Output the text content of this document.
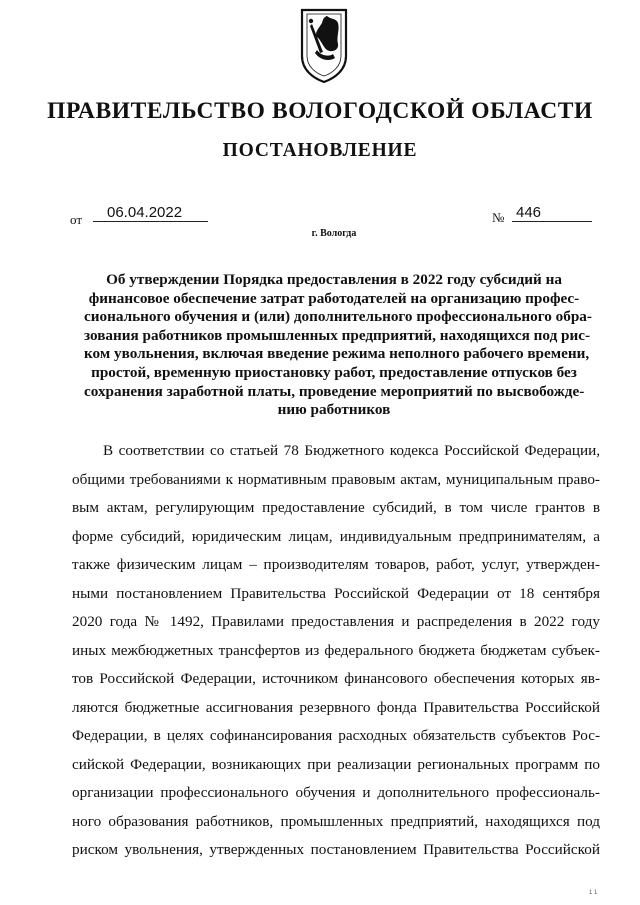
ПРАВИТЕЛЬСТВО ВОЛОГОДСКОЙ ОБЛАСТИ
ПОСТАНОВЛЕНИЕ
от	06.04.2022	№ 446
г. Вологда
Об утверждении Порядка предоставления в 2022 году субсидий на
финансовое обеспечение затрат работодателей на организацию профес-
сионального обучения и (или) дополнительного профессионального обра-
зования работников промышленных предприятий, находящихся под рис-
ком увольнения, включая введение режима неполного рабочего времени,
простой, временную приостановку работ, предоставление отпусков без
сохранения заработной платы, проведение мероприятий по высвобожде-
нию работников
В соответствии со статьей 78 Бюджетного кодекса Российской Федерации,
общими требованиями к нормативным правовым актам, муниципальным право-
вым актам, регулирующим предоставление субсидий, в том числе грантов в
форме субсидий, юридическим лицам, индивидуальным предпринимателям, а
также физическим лицам – производителям товаров, работ, услуг, утвержден-
ными постановлением Правительства Российской Федерации от 18 сентября
2020 года № 1492, Правилами предоставления и распределения в 2022 году
иных межбюджетных трансфертов из федерального бюджета бюджетам субъек-
тов Российской Федерации, источником финансового обеспечения которых яв-
ляются бюджетные ассигнования резервного фонда Правительства Российской
Федерации, в целях софинансирования расходных обязательств субъектов Рос-
сийской Федерации, возникающих при реализации региональных программ по
организации профессионального обучения и дополнительного профессиональ-
ного образования работников, промышленных предприятий, находящихся под
риском увольнения, утвержденных постановлением Правительства Российской
1 1
